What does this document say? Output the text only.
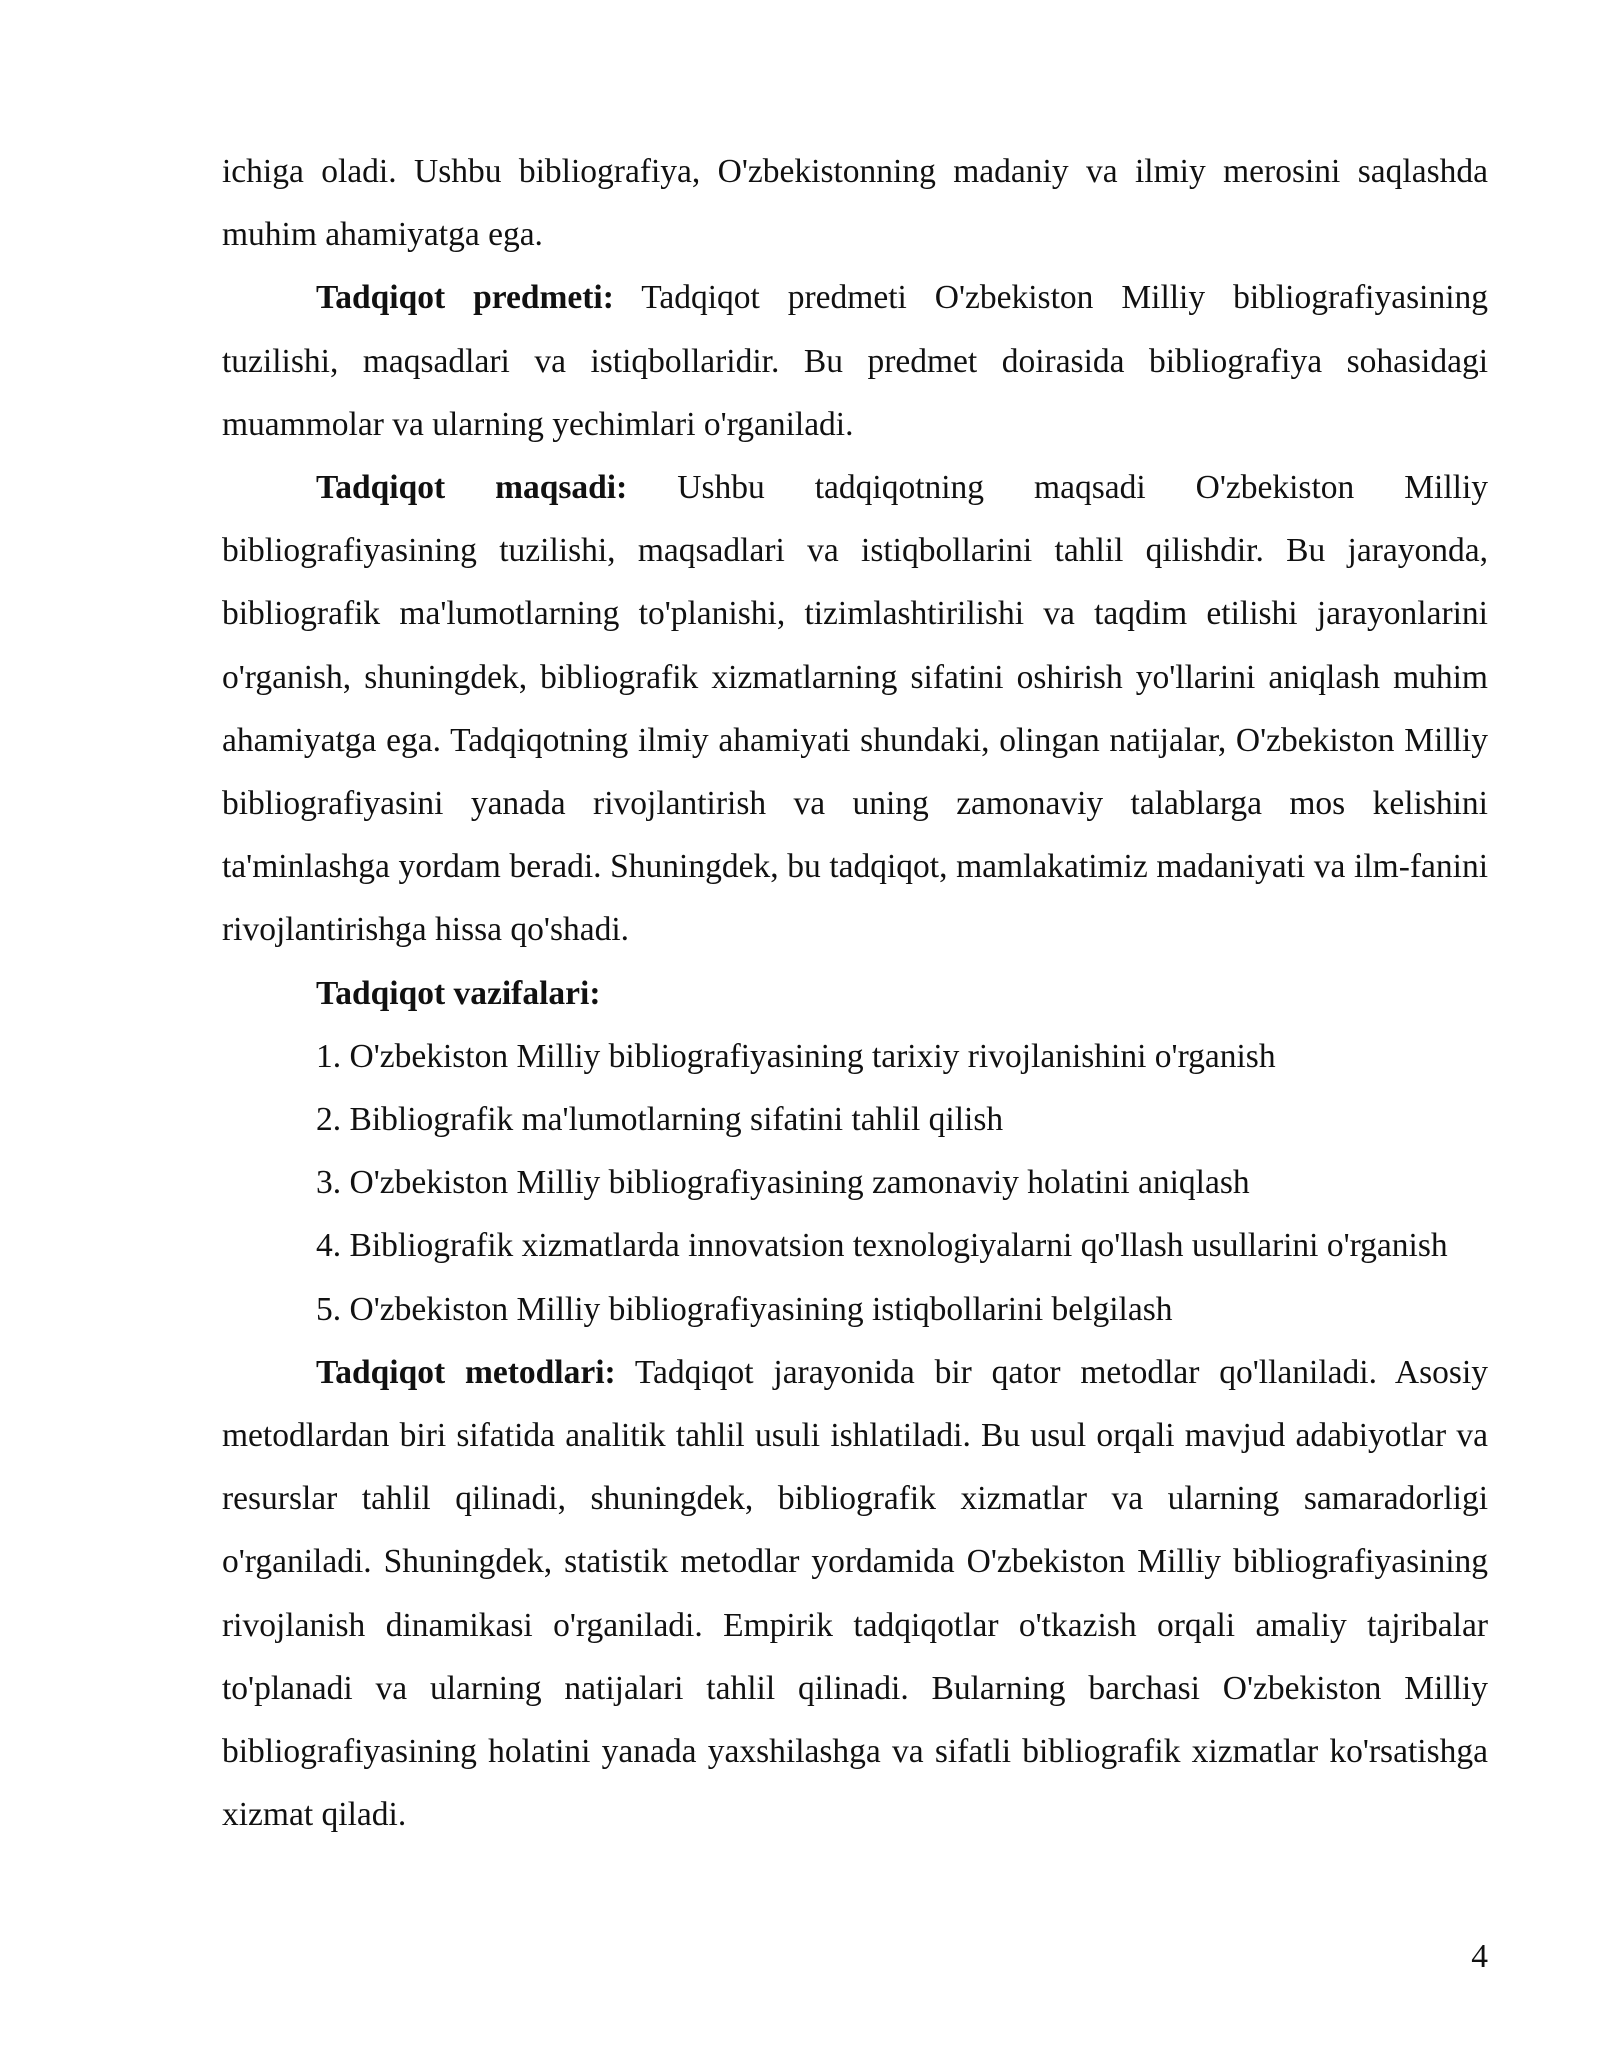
ichiga oladi. Ushbu bibliografiya, O'zbekistonning madaniy va ilmiy merosini saqlashda muhim ahamiyatga ega.

Tadqiqot predmeti: Tadqiqot predmeti O'zbekiston Milliy bibliografiyasining tuzilishi, maqsadlari va istiqbollaridir. Bu predmet doirasida bibliografiya sohasidagi muammolar va ularning yechimlari o'rganiladi.

Tadqiqot maqsadi: Ushbu tadqiqotning maqsadi O'zbekiston Milliy bibliografiyasining tuzilishi, maqsadlari va istiqbollarini tahlil qilishdir. Bu jarayonda, bibliografik ma'lumotlarning to'planishi, tizimlashtirilishi va taqdim etilishi jarayonlarini o'rganish, shuningdek, bibliografik xizmatlarning sifatini oshirish yo'llarini aniqlash muhim ahamiyatga ega. Tadqiqotning ilmiy ahamiyati shundaki, olingan natijalar, O'zbekiston Milliy bibliografiyasini yanada rivojlantirish va uning zamonaviy talablarga mos kelishini ta'minlashga yordam beradi. Shuningdek, bu tadqiqot, mamlakatimiz madaniyati va ilm-fanini rivojlantirishga hissa qo'shadi.

Tadqiqot vazifalari:

1. O'zbekiston Milliy bibliografiyasining tarixiy rivojlanishini o'rganish

2. Bibliografik ma'lumotlarning sifatini tahlil qilish

3. O'zbekiston Milliy bibliografiyasining zamonaviy holatini aniqlash

4. Bibliografik xizmatlarda innovatsion texnologiyalarni qo'llash usullarini o'rganish

5. O'zbekiston Milliy bibliografiyasining istiqbollarini belgilash

Tadqiqot metodlari: Tadqiqot jarayonida bir qator metodlar qo'llaniladi. Asosiy metodlardan biri sifatida analitik tahlil usuli ishlatiladi. Bu usul orqali mavjud adabiyotlar va resurslar tahlil qilinadi, shuningdek, bibliografik xizmatlar va ularning samaradorligi o'rganiladi. Shuningdek, statistik metodlar yordamida O'zbekiston Milliy bibliografiyasining rivojlanish dinamikasi o'rganiladi. Empirik tadqiqotlar o'tkazish orqali amaliy tajribalar to'planadi va ularning natijalari tahlil qilinadi. Bularning barchasi O'zbekiston Milliy bibliografiyasining holatini yanada yaxshilashga va sifatli bibliografik xizmatlar ko'rsatishga xizmat qiladi.

4
